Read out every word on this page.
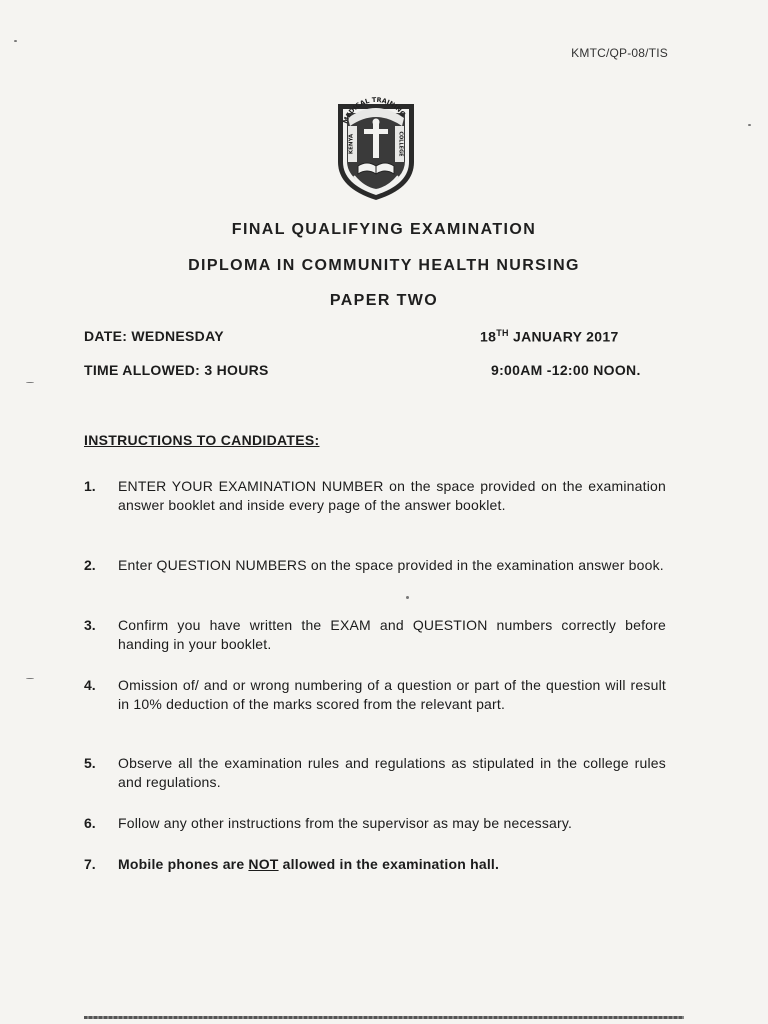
KMTC/QP-08/TIS
MEDICAL TRAINING
KENYA	COLLEGE
FINAL QUALIFYING EXAMINATION
DIPLOMA IN COMMUNITY HEALTH NURSING
PAPER TWO
DATE: WEDNESDAY	18TH JANUARY 2017
TIME ALLOWED: 3 HOURS	9:00AM -12:00 NOON.
INSTRUCTIONS TO CANDIDATES:
1. ENTER YOUR EXAMINATION NUMBER on the space provided on the examination answer booklet and inside every page of the answer booklet.
2. Enter QUESTION NUMBERS on the space provided in the examination answer book.
3. Confirm you have written the EXAM and QUESTION numbers correctly before handing in your booklet.
4. Omission of/ and or wrong numbering of a question or part of the question will result in 10% deduction of the marks scored from the relevant part.
5. Observe all the examination rules and regulations as stipulated in the college rules and regulations.
6. Follow any other instructions from the supervisor as may be necessary.
7. Mobile phones are NOT allowed in the examination hall.
